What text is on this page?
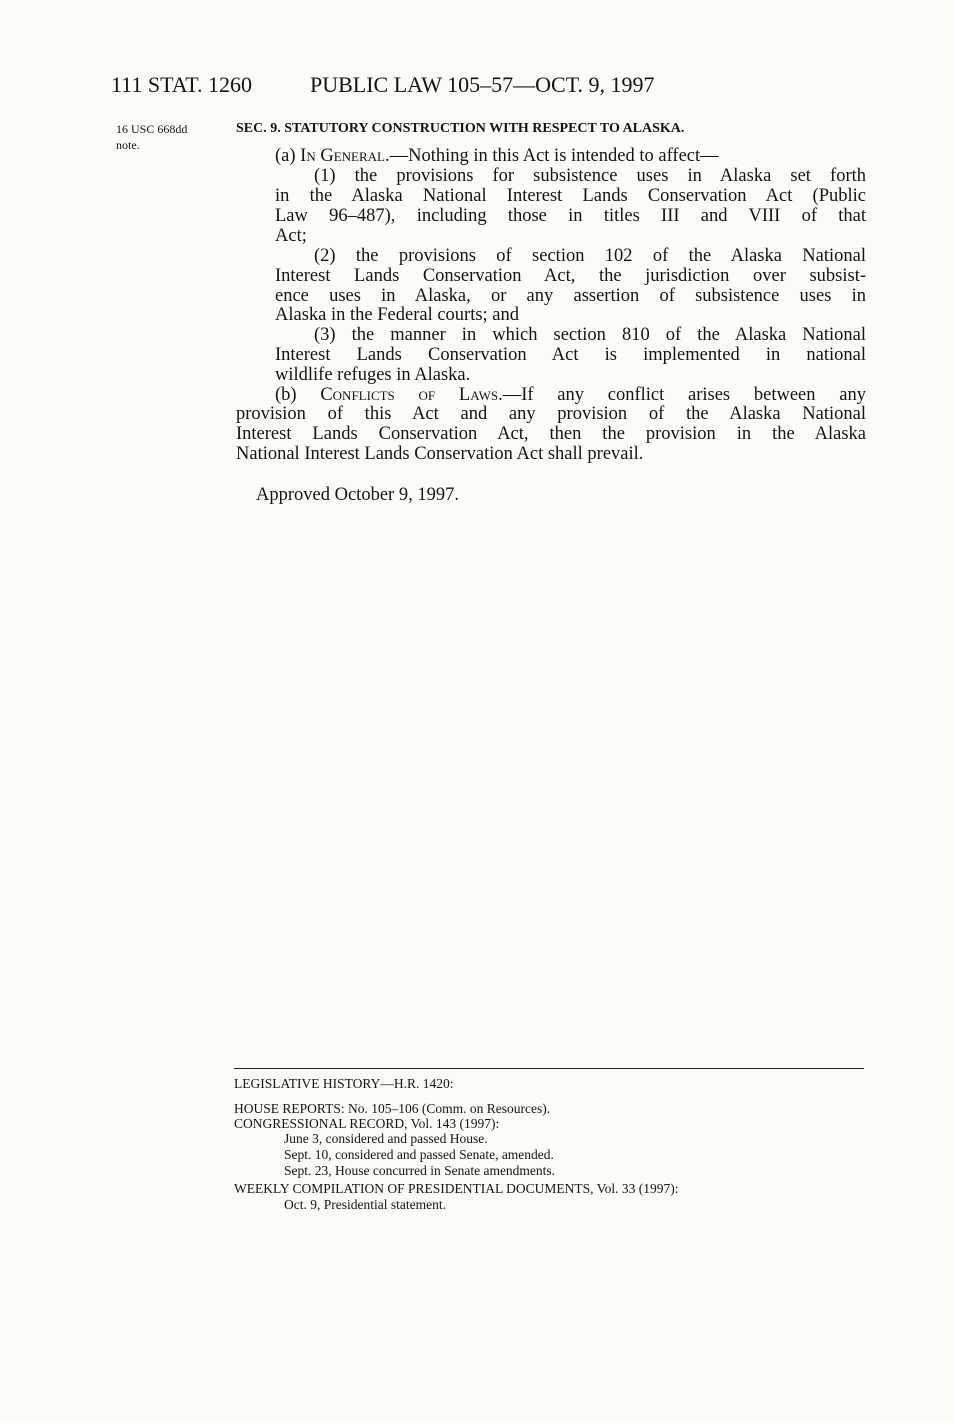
111 STAT. 1260	PUBLIC LAW 105–57—OCT. 9, 1997
16 USC 668dd
note.
SEC. 9. STATUTORY CONSTRUCTION WITH RESPECT TO ALASKA.
(a) In General.—Nothing in this Act is intended to affect—
(1) the provisions for subsistence uses in Alaska set forth
in the Alaska National Interest Lands Conservation Act (Public
Law 96–487), including those in titles III and VIII of that
Act;
(2) the provisions of section 102 of the Alaska National
Interest Lands Conservation Act, the jurisdiction over subsist-
ence uses in Alaska, or any assertion of subsistence uses in
Alaska in the Federal courts; and
(3) the manner in which section 810 of the Alaska National
Interest Lands Conservation Act is implemented in national
wildlife refuges in Alaska.
(b) Conflicts of Laws.—If any conflict arises between any
provision of this Act and any provision of the Alaska National
Interest Lands Conservation Act, then the provision in the Alaska
National Interest Lands Conservation Act shall prevail.
Approved October 9, 1997.
LEGISLATIVE HISTORY—H.R. 1420:
HOUSE REPORTS: No. 105–106 (Comm. on Resources).
CONGRESSIONAL RECORD, Vol. 143 (1997):
June 3, considered and passed House.
Sept. 10, considered and passed Senate, amended.
Sept. 23, House concurred in Senate amendments.
WEEKLY COMPILATION OF PRESIDENTIAL DOCUMENTS, Vol. 33 (1997):
Oct. 9, Presidential statement.
